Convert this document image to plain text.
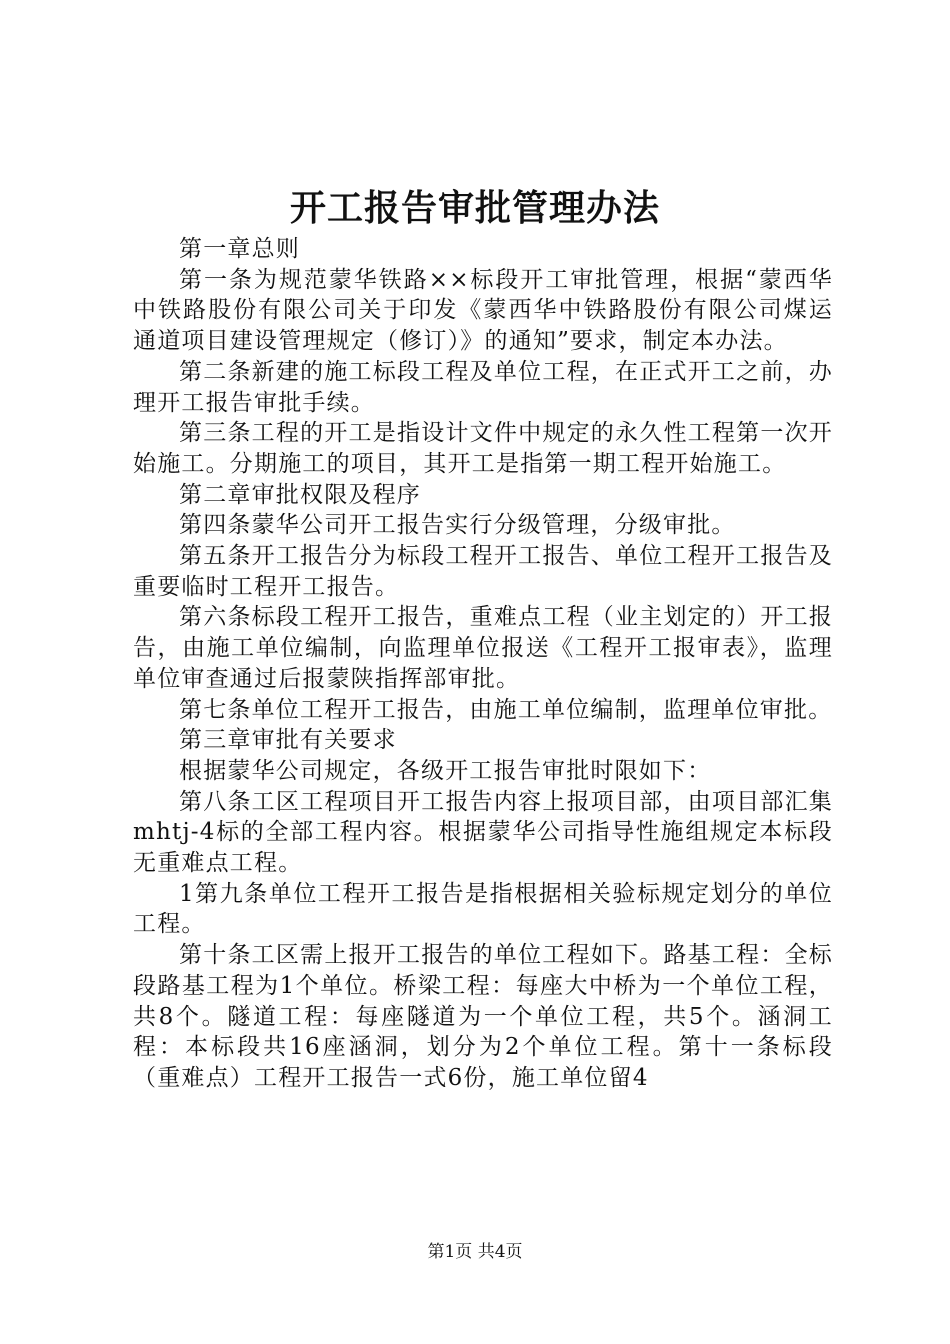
开工报告审批管理办法

第一章总则

第一条为规范蒙华铁路××标段开工审批管理，根据“蒙西华中铁路股份有限公司关于印发《蒙西华中铁路股份有限公司煤运通道项目建设管理规定（修订）》的通知”要求，制定本办法。

第二条新建的施工标段工程及单位工程，在正式开工之前，办理开工报告审批手续。

第三条工程的开工是指设计文件中规定的永久性工程第一次开始施工。分期施工的项目，其开工是指第一期工程开始施工。

第二章审批权限及程序

第四条蒙华公司开工报告实行分级管理，分级审批。

第五条开工报告分为标段工程开工报告、单位工程开工报告及重要临时工程开工报告。

第六条标段工程开工报告，重难点工程（业主划定的）开工报告，由施工单位编制，向监理单位报送《工程开工报审表》，监理单位审查通过后报蒙陕指挥部审批。

第七条单位工程开工报告，由施工单位编制，监理单位审批。

第三章审批有关要求

根据蒙华公司规定，各级开工报告审批时限如下：

第八条工区工程项目开工报告内容上报项目部，由项目部汇集mhtj-4标的全部工程内容。根据蒙华公司指导性施组规定本标段无重难点工程。

1第九条单位工程开工报告是指根据相关验标规定划分的单位工程。

第十条工区需上报开工报告的单位工程如下。路基工程：全标段路基工程为1个单位。桥梁工程：每座大中桥为一个单位工程，共8个。隧道工程：每座隧道为一个单位工程，共5个。涵洞工程：本标段共16座涵洞，划分为2个单位工程。第十一条标段（重难点）工程开工报告一式6份，施工单位留4

第1页 共4页
